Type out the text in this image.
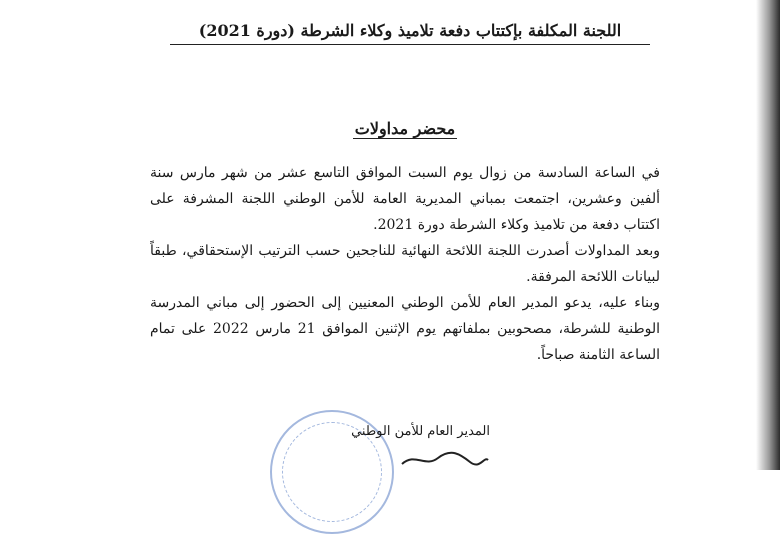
اللجنة المكلفة بإكتتاب دفعة تلاميذ وكلاء الشرطة (دورة 2021)
محضر مداولات

في الساعة السادسة من زوال يوم السبت الموافق التاسع عشر من شهر مارس سنة ألفين وعشرين، اجتمعت بمباني المديرية العامة للأمن الوطني اللجنة المشرفة على اكتتاب دفعة من تلاميذ وكلاء الشرطة دورة 2021.

وبعد المداولات أصدرت اللجنة اللائحة النهائية للناجحين حسب الترتيب الإستحقاقي، طبقاً لبيانات اللائحة المرفقة.

وبناء عليه، يدعو المدير العام للأمن الوطني المعنيين إلى الحضور إلى مباني المدرسة الوطنية للشرطة، مصحوبين بملفاتهم يوم الإثنين الموافق 21 مارس 2022 على تمام الساعة الثامنة صباحاً.

المدير العام للأمن الوطني
